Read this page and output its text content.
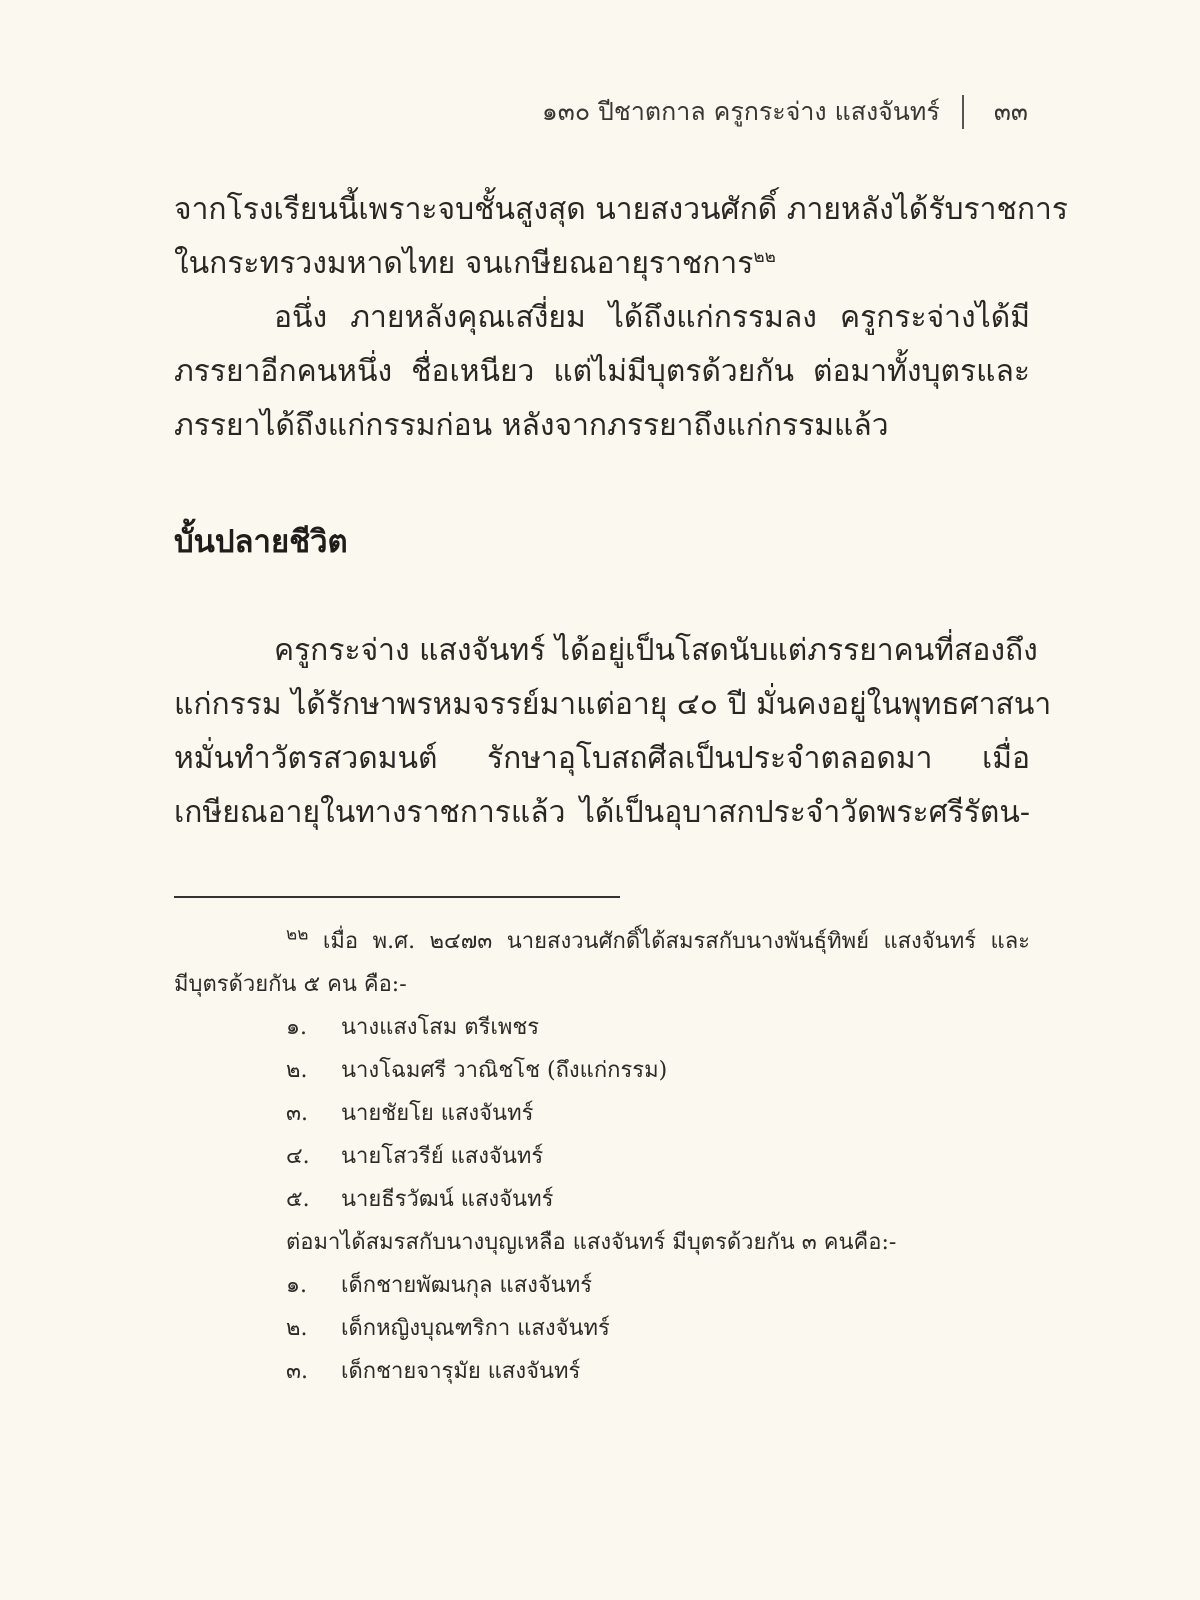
๑๓๐ ปีชาตกาล ครูกระจ่าง แสงจันทร์ ๓๓
จากโรงเรียนนี้เพราะจบชั้นสูงสุด นายสงวนศักดิ์ ภายหลังได้รับราชการ
ในกระทรวงมหาดไทย จนเกษียณอายุราชการ$^{๒๒}$
อนึ่ง ภายหลังคุณเสงี่ยม ได้ถึงแก่กรรมลง ครูกระจ่างได้มี
ภรรยาอีกคนหนึ่ง ชื่อเหนียว แต่ไม่มีบุตรด้วยกัน ต่อมาทั้งบุตรและ
ภรรยาได้ถึงแก่กรรมก่อน หลังจากภรรยาถึงแก่กรรมแล้ว
บั้นปลายชีวิต
ครูกระจ่าง แสงจันทร์ ได้อยู่เป็นโสดนับแต่ภรรยาคนที่สองถึง
แก่กรรม ได้รักษาพรหมจรรย์มาแต่อายุ ๔๐ ปี มั่นคงอยู่ในพุทธศาสนา
หมั่นทำวัตรสวดมนต์ รักษาอุโบสถศีลเป็นประจำตลอดมา เมื่อ
เกษียณอายุในทางราชการแล้ว ได้เป็นอุบาสกประจำวัดพระศรีรัตน-
$^{๒๒}$ เมื่อ พ.ศ. ๒๔๗๓ นายสงวนศักดิ์ได้สมรสกับนางพันธุ์ทิพย์ แสงจันทร์ และ
มีบุตรด้วยกัน ๕ คน คือ:-
๑. นางแสงโสม ตรีเพชร
๒. นางโฉมศรี วาณิชโช (ถึงแก่กรรม)
๓. นายชัยโย แสงจันทร์
๔. นายโสวรีย์ แสงจันทร์
๕. นายธีรวัฒน์ แสงจันทร์
ต่อมาได้สมรสกับนางบุญเหลือ แสงจันทร์ มีบุตรด้วยกัน ๓ คนคือ:-
๑. เด็กชายพัฒนกุล แสงจันทร์
๒. เด็กหญิงบุณฑริกา แสงจันทร์
๓. เด็กชายจารุมัย แสงจันทร์
